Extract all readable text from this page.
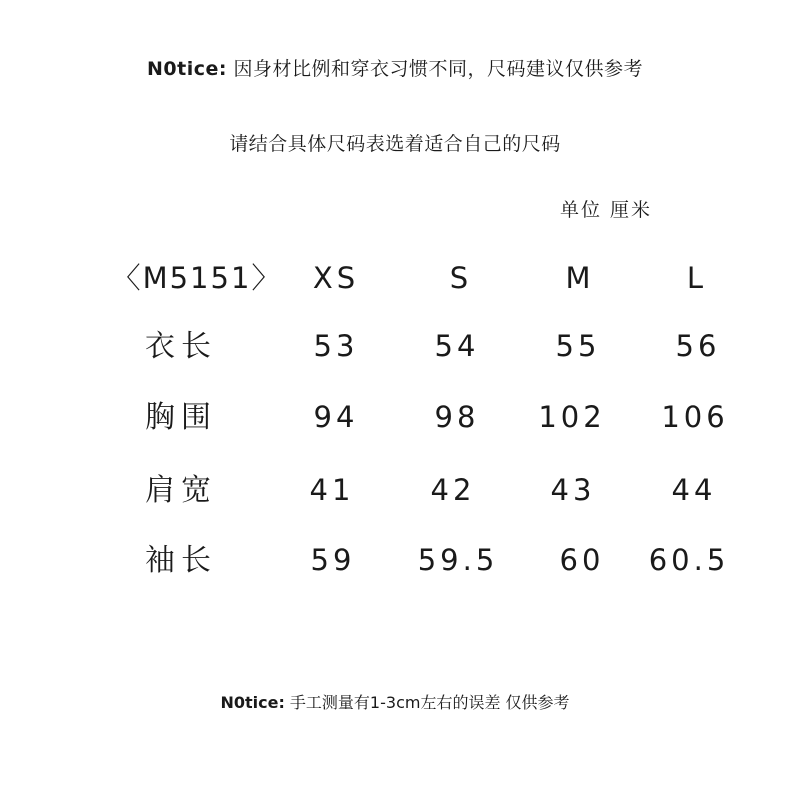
N0tice: 因身材比例和穿衣习惯不同，尺码建议仅供参考
请结合具体尺码表选着适合自己的尺码
单位 厘米
〈M5151〉 XS	S	M	L
衣长	53	54	55	56
胸围	94	98 102 106
肩宽	41	42	43	44
袖长	59 59.5 60 60.5
N0tice: 手工测量有1-3cm左右的误差 仅供参考
